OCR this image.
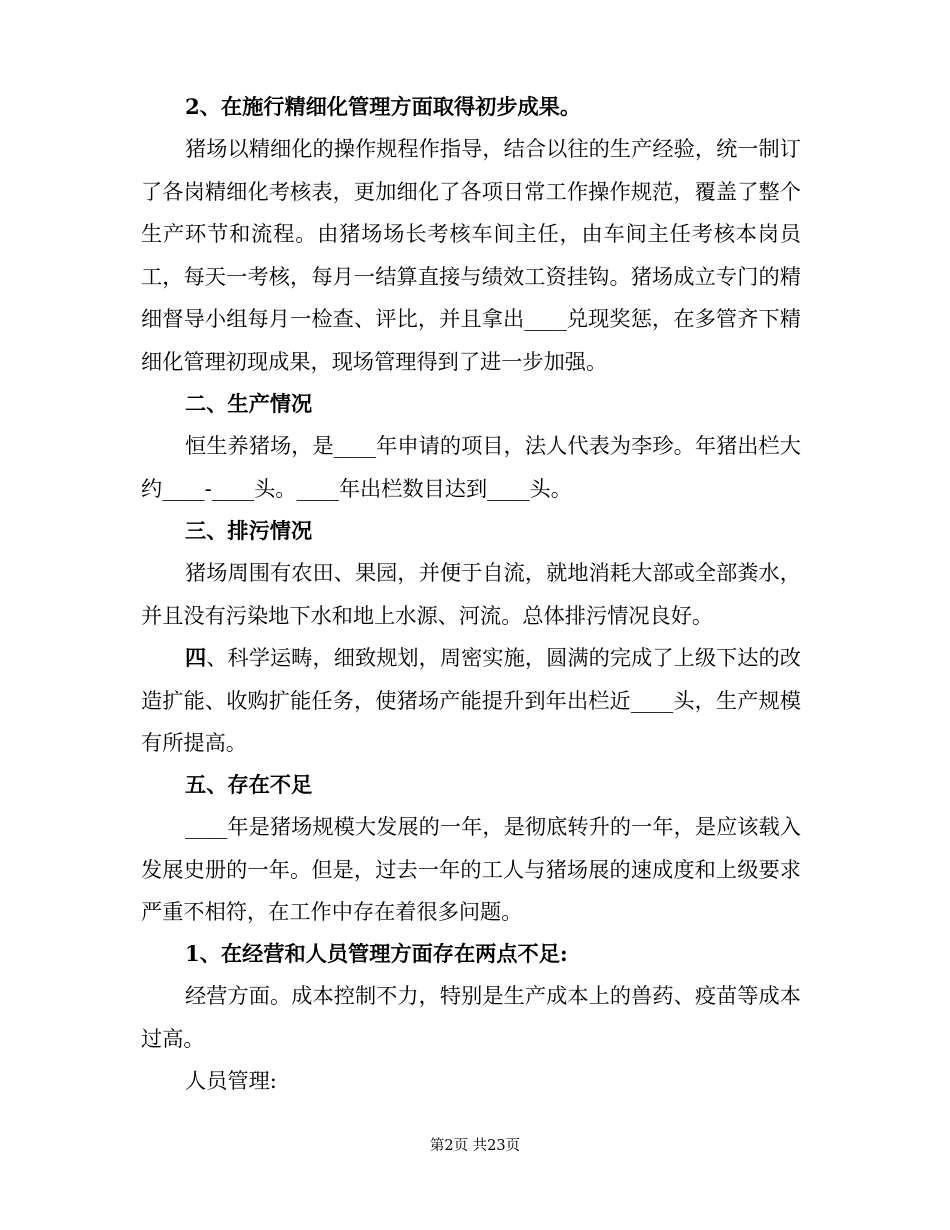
2、在施行精细化管理方面取得初步成果。

猪场以精细化的操作规程作指导，结合以往的生产经验，统一制订了各岗精细化考核表，更加细化了各项日常工作操作规范，覆盖了整个生产环节和流程。由猪场场长考核车间主任，由车间主任考核本岗员工，每天一考核，每月一结算直接与绩效工资挂钩。猪场成立专门的精细督导小组每月一检查、评比，并且拿出____兑现奖惩，在多管齐下精细化管理初现成果，现场管理得到了进一步加强。

二、生产情况

恒生养猪场，是____年申请的项目，法人代表为李珍。年猪出栏大约____-____头。____年出栏数目达到____头。

三、排污情况

猪场周围有农田、果园，并便于自流，就地消耗大部或全部粪水，并且没有污染地下水和地上水源、河流。总体排污情况良好。

四、科学运畴，细致规划，周密实施，圆满的完成了上级下达的改造扩能、收购扩能任务，使猪场产能提升到年出栏近____头，生产规模有所提高。

五、存在不足

____年是猪场规模大发展的一年，是彻底转升的一年，是应该载入发展史册的一年。但是，过去一年的工人与猪场展的速成度和上级要求严重不相符，在工作中存在着很多问题。

1、在经营和人员管理方面存在两点不足:

经营方面。成本控制不力，特别是生产成本上的兽药、疫苗等成本过高。

人员管理:

第2页 共23页
